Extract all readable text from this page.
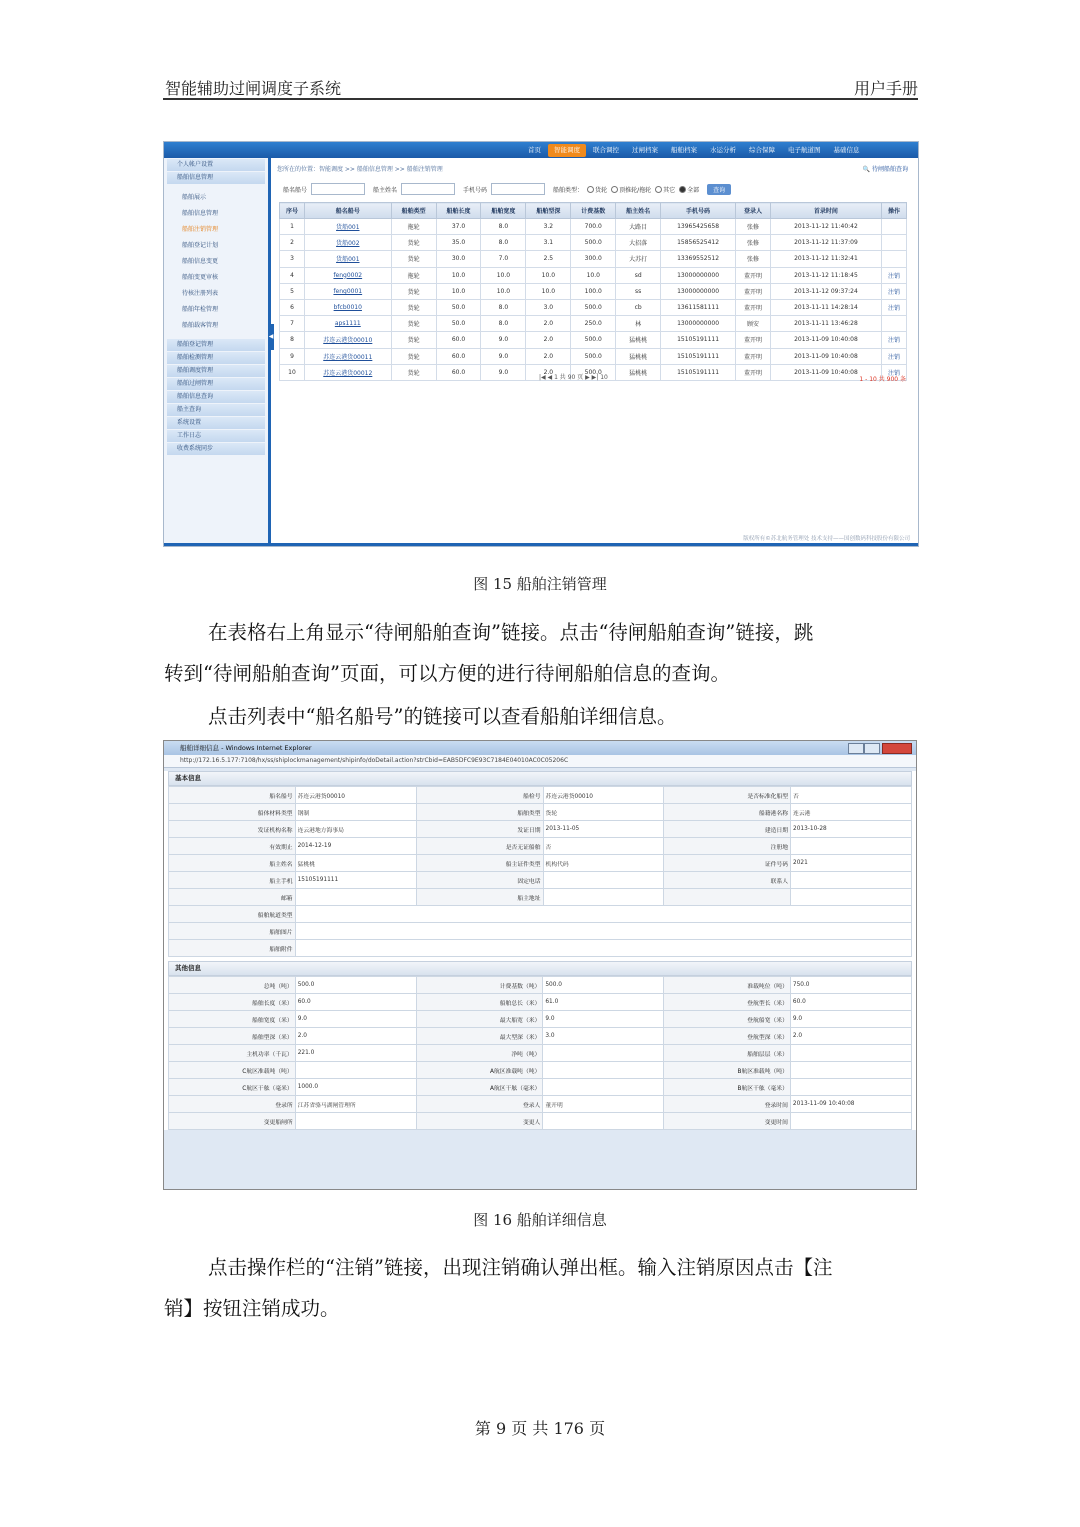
智能辅助过闸调度子系统	用户手册
首页	智能调度	联合调控	过闸档案	船舶档案	水运分析	综合保障	电子航道图	基础信息
个人帐户设置
船舶信息管理
船舶展示
船舶信息管理
船舶注销管理
船舶登记计划
船舶信息变更
船舶变更审核
待核注册列表
船舶年检管理
船舶载客管理
船舶登记管理
船舶检测管理
船舶调度管理
船舶过闸管理
船舶信息查询
船主查询
系统设置
工作日志
收费系统同步
◀
您所在的位置：智能调度 >> 船舶信息管理 >> 船舶注销管理	🔍 待闸船舶查询
船名船号	船主姓名	手机号码	船舶类型： 货轮 顶推轮/拖轮 其它 全部	查询
序号	船名船号	船舶类型	船舶长度	船舶宽度	船舶型深	计费基数	船主姓名	手机号码	登录人	首录时间	操作
1	货船001	拖轮	37.0	8.0	3.2	700.0	大路目	13965425658	张修	2013-11-12 11:40:42	
2	货船002	货轮	35.0	8.0	3.1	500.0	大招落	15856525412	张修	2013-11-12 11:37:09	
3	货船001	货轮	30.0	7.0	2.5	300.0	大苏打	13369552512	张修	2013-11-12 11:32:41	
4	feng0002	拖轮	10.0	10.0	10.0	10.0	sd	13000000000	董开明	2013-11-12 11:18:45	注销
5	feng0001	货轮	10.0	10.0	10.0	100.0	ss	13000000000	董开明	2013-11-12 09:37:24	注销
6	bfcb0010	货轮	50.0	8.0	3.0	500.0	cb	13611581111	董开明	2013-11-11 14:28:14	注销
7	aps1111	货轮	50.0	8.0	2.0	250.0	林	13000000000	顾安	2013-11-11 13:46:28	
8	苏连云港货00010	货轮	60.0	9.0	2.0	500.0	猛桃桃	15105191111	董开明	2013-11-09 10:40:08	注销
9	苏连云港货00011	货轮	60.0	9.0	2.0	500.0	猛桃桃	15105191111	董开明	2013-11-09 10:40:08	注销
10	苏连云港货00012	货轮	60.0	9.0	2.0	500.0	猛桃桃	15105191111	董开明	2013-11-09 10:40:08	注销
|◀ ◀ 1 共 90 页 ▶ ▶| 10	1 - 10 共 900 条
版权所有©苏北航务管理处 技术支持——国创数码科技股份有限公司
图 15 船舶注销管理
在表格右上角显示“待闸船舶查询”链接。点击“待闸船舶查询”链接，跳
转到“待闸船舶查询”页面，可以方便的进行待闸船舶信息的查询。
点击列表中“船名船号”的链接可以查看船舶详细信息。
船舶详细信息 - Windows Internet Explorer
http://172.16.5.177:7108/hx/ss/shiplockmanagement/shipinfo/doDetail.action?strCbid=EAB5DFC9E93C7184E04010AC0C05206C
基本信息
船名船号	苏连云港货00010	船检号	苏连云港货00010	是否标准化船型	否
船体材料类型	钢制	船舶类型	货轮	船籍港名称	连云港
发证机构名称	连云港地方海事局	发证日期	2013-11-05	建造日期	2013-10-28
有效期止	2014-12-19	是否无证船舶	否	注册地	
船主姓名	猛桃桃	船主证件类型	机构代码	证件号码	2021
船主手机	15105191111	固定电话		联系人	
邮箱		船主地址			
船舶航道类型					
船舶图片					
船舶附件					
其他信息
总吨（吨）	500.0	计费基数（吨）	500.0	准载吨位（吨）	750.0
船舶长度（米）	60.0	船舶总长（米）	61.0	登航型长（米）	60.0
船舶宽度（米）	9.0	最大船宽（米）	9.0	登航船宽（米）	9.0
船舶型深（米）	2.0	最大型深（米）	3.0	登航型深（米）	2.0
主机功率（千瓦）	221.0	净吨（吨）		船舶层层（米）	
C航区准载吨（吨）		A航区准载吨（吨）		B航区准载吨（吨）	
C航区干舷（毫米）	1000.0	A航区干舷（毫米）		B航区干舷（毫米）	
登录所	江苏省骆马湖闸管理所	登录人	董开明	登录时间	2013-11-09 10:40:08
变更船闸所		变更人		变更时间	
图 16 船舶详细信息
点击操作栏的“注销”链接，出现注销确认弹出框。输入注销原因点击【注
销】按钮注销成功。
第 9 页 共 176 页
